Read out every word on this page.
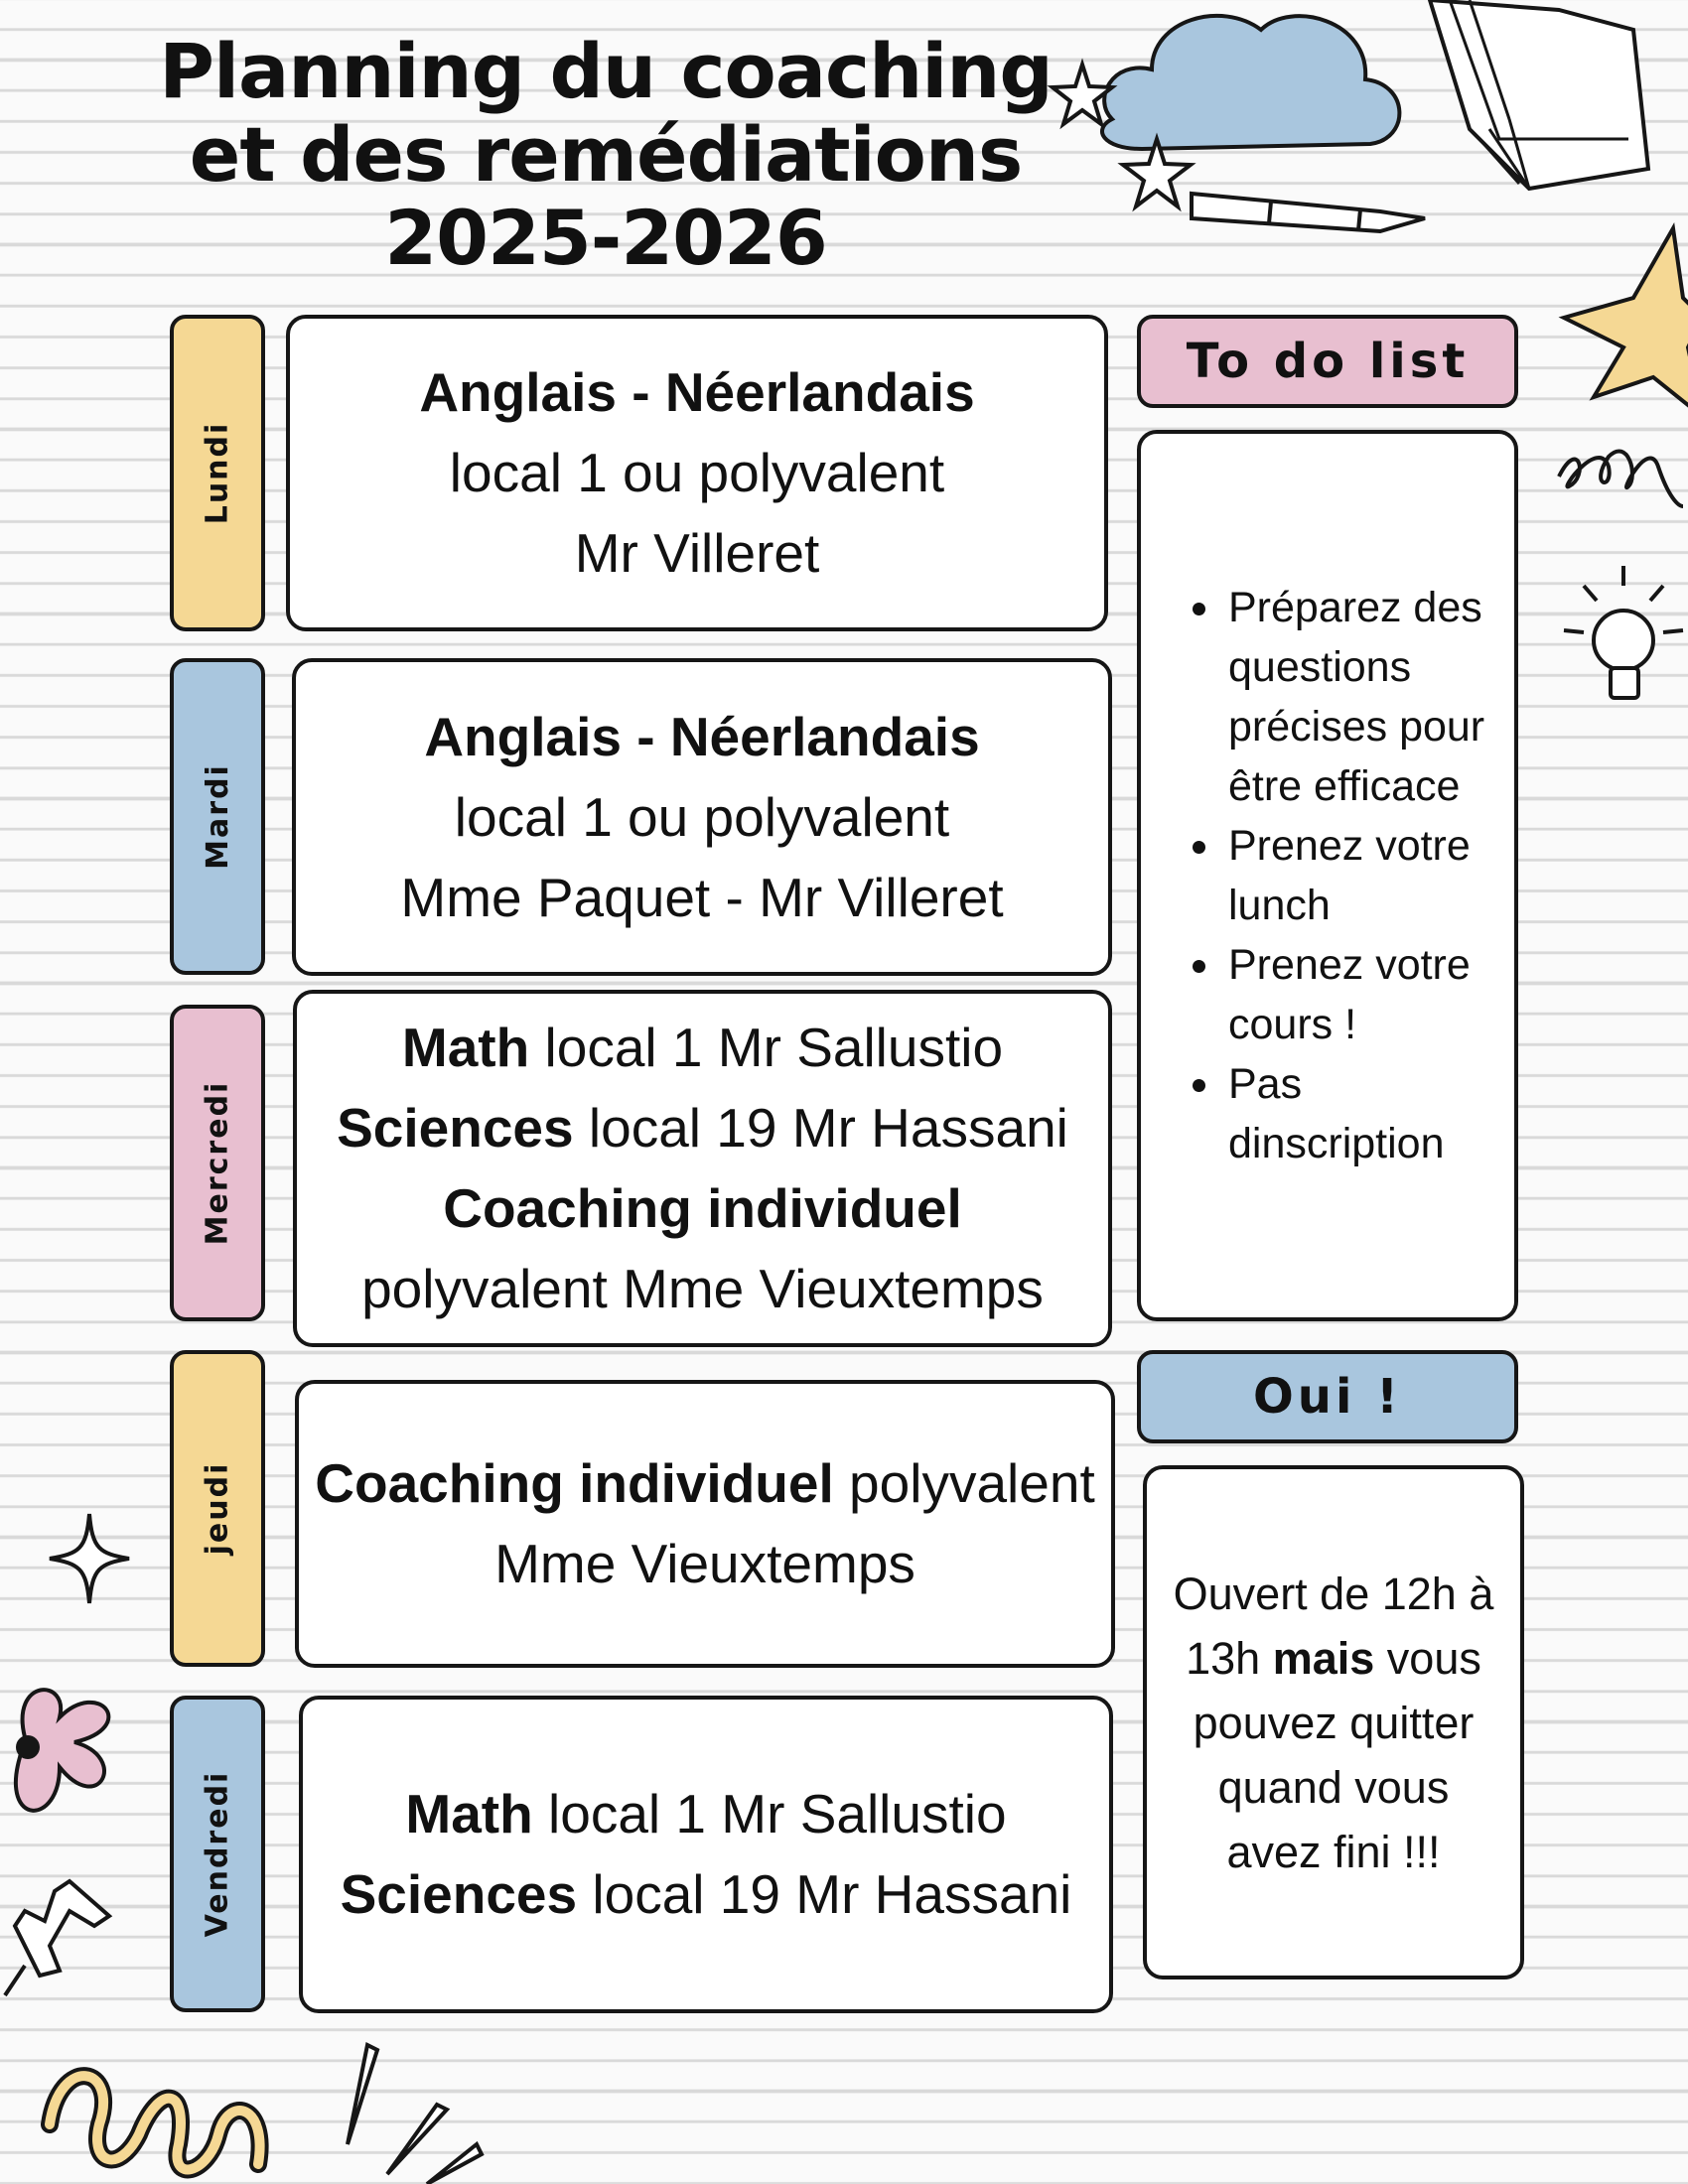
Planning du coaching
et des remédiations
2025-2026
Lundi
Mardi
Mercredi
jeudi
Vendredi
Anglais - Néerlandais
local 1 ou polyvalent
Mr Villeret
Anglais - Néerlandais
local 1 ou polyvalent
Mme Paquet - Mr Villeret
Math local 1 Mr Sallustio
Sciences local 19 Mr Hassani
Coaching individuel
polyvalent Mme Vieuxtemps
Coaching individuel polyvalent
Mme Vieuxtemps
Math local 1 Mr Sallustio
Sciences local 19 Mr Hassani
To do list
• Préparez des questions précises pour être efficace
• Prenez votre lunch
• Prenez votre cours !
• Pas dinscription
Oui !
Ouvert de 12h à 13h mais vous pouvez quitter quand vous avez fini !!!
